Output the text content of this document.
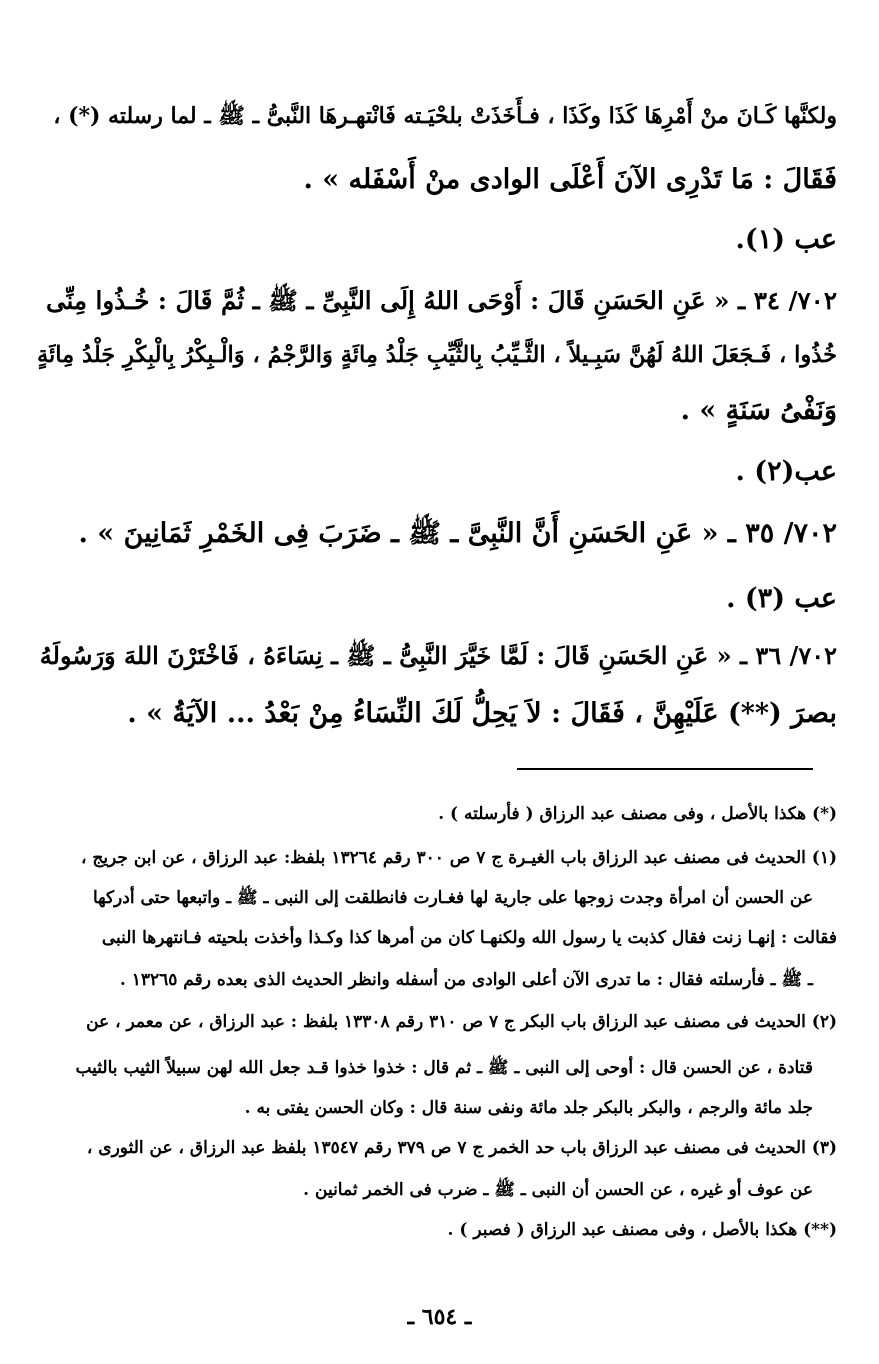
ولكنَّها كَـانَ منْ أَمْرِهَا كَذَا وكَذَا ، فـأَخَذَتْ بلحْيَـته فَانْتهـرهَا النَّبىُّ ـ ﷺ ـ لما رسلته (*) ،
فَقَالَ : مَا تَدْرِى الآنَ أَعْلَى الوادى منْ أَسْفَله » .
عب (١).
٧٠٢/ ٣٤ ـ « عَنِ الحَسَنِ قَالَ : أَوْحَى اللهُ إِلَى النَّبِىِّ ـ ﷺ ـ ثُمَّ قَالَ : خُـذُوا مِنِّى
خُذُوا ، فَـجَعَلَ اللهُ لَهُنَّ سَبِـيلاً ، الثَّـيِّبُ بِالثَّيِّبِ جَلْدُ مِائَةٍ وَالرَّجْمُ ، وَالْـبِكْرُ بِالْبِكْرِ جَلْدُ مِائَةٍ
وَنَفْىُ سَنَةٍ » .
عب(٢) .
٧٠٢/ ٣٥ ـ « عَنِ الحَسَنِ أَنَّ النَّبِىَّ ـ ﷺ ـ ضَرَبَ فِى الخَمْرِ ثَمَانِينَ » .
عب (٣) .
٧٠٢/ ٣٦ ـ « عَنِ الحَسَنِ قَالَ : لَمَّا خَيَّرَ النَّبِىُّ ـ ﷺ ـ نِسَاءَهُ ، فَاخْتَرْنَ اللهَ وَرَسُولَهُ
بصرَ (**) عَلَيْهِنَّ ، فَقَالَ : لاَ يَحِلُّ لَكَ النِّسَاءُ مِنْ بَعْدُ ... الآيَةُ » .
(*) هكذا بالأصل ، وفى مصنف عبد الرزاق ( فأرسلته ) .
(١) الحديث فى مصنف عبد الرزاق باب الغيـرة ج ٧ ص ٣٠٠ رقم ١٣٢٦٤ بلفظ: عبد الرزاق ، عن ابن جريج ،
عن الحسن أن امرأة وجدت زوجها على جارية لها فغـارت فانطلقت إلى النبى ـ ﷺ ـ واتبعها حتى أدركها
فقالت : إنهـا زنت فقال كذبت يا رسول الله ولكنهـا كان من أمرها كذا وكـذا وأخذت بلحيته فـانتهرها النبى
ـ ﷺ ـ فأرسلته فقال : ما تدرى الآن أعلى الوادى من أسفله وانظر الحديث الذى بعده رقم ١٣٢٦٥ .
(٢) الحديث فى مصنف عبد الرزاق باب البكر ج ٧ ص ٣١٠ رقم ١٣٣٠٨ بلفظ : عبد الرزاق ، عن معمر ، عن
قتادة ، عن الحسن قال : أوحى إلى النبى ـ ﷺ ـ ثم قال : خذوا خذوا قـد جعل الله لهن سبيلاً الثيب بالثيب
جلد مائة والرجم ، والبكر بالبكر جلد مائة ونفى سنة قال : وكان الحسن يفتى به .
(٣) الحديث فى مصنف عبد الرزاق باب حد الخمر ج ٧ ص ٣٧٩ رقم ١٣٥٤٧ بلفظ عبد الرزاق ، عن الثورى ،
عن عوف أو غيره ، عن الحسن أن النبى ـ ﷺ ـ ضرب فى الخمر ثمانين .
(**) هكذا بالأصل ، وفى مصنف عبد الرزاق ( فصبر ) .
ـ ٦٥٤ ـ
